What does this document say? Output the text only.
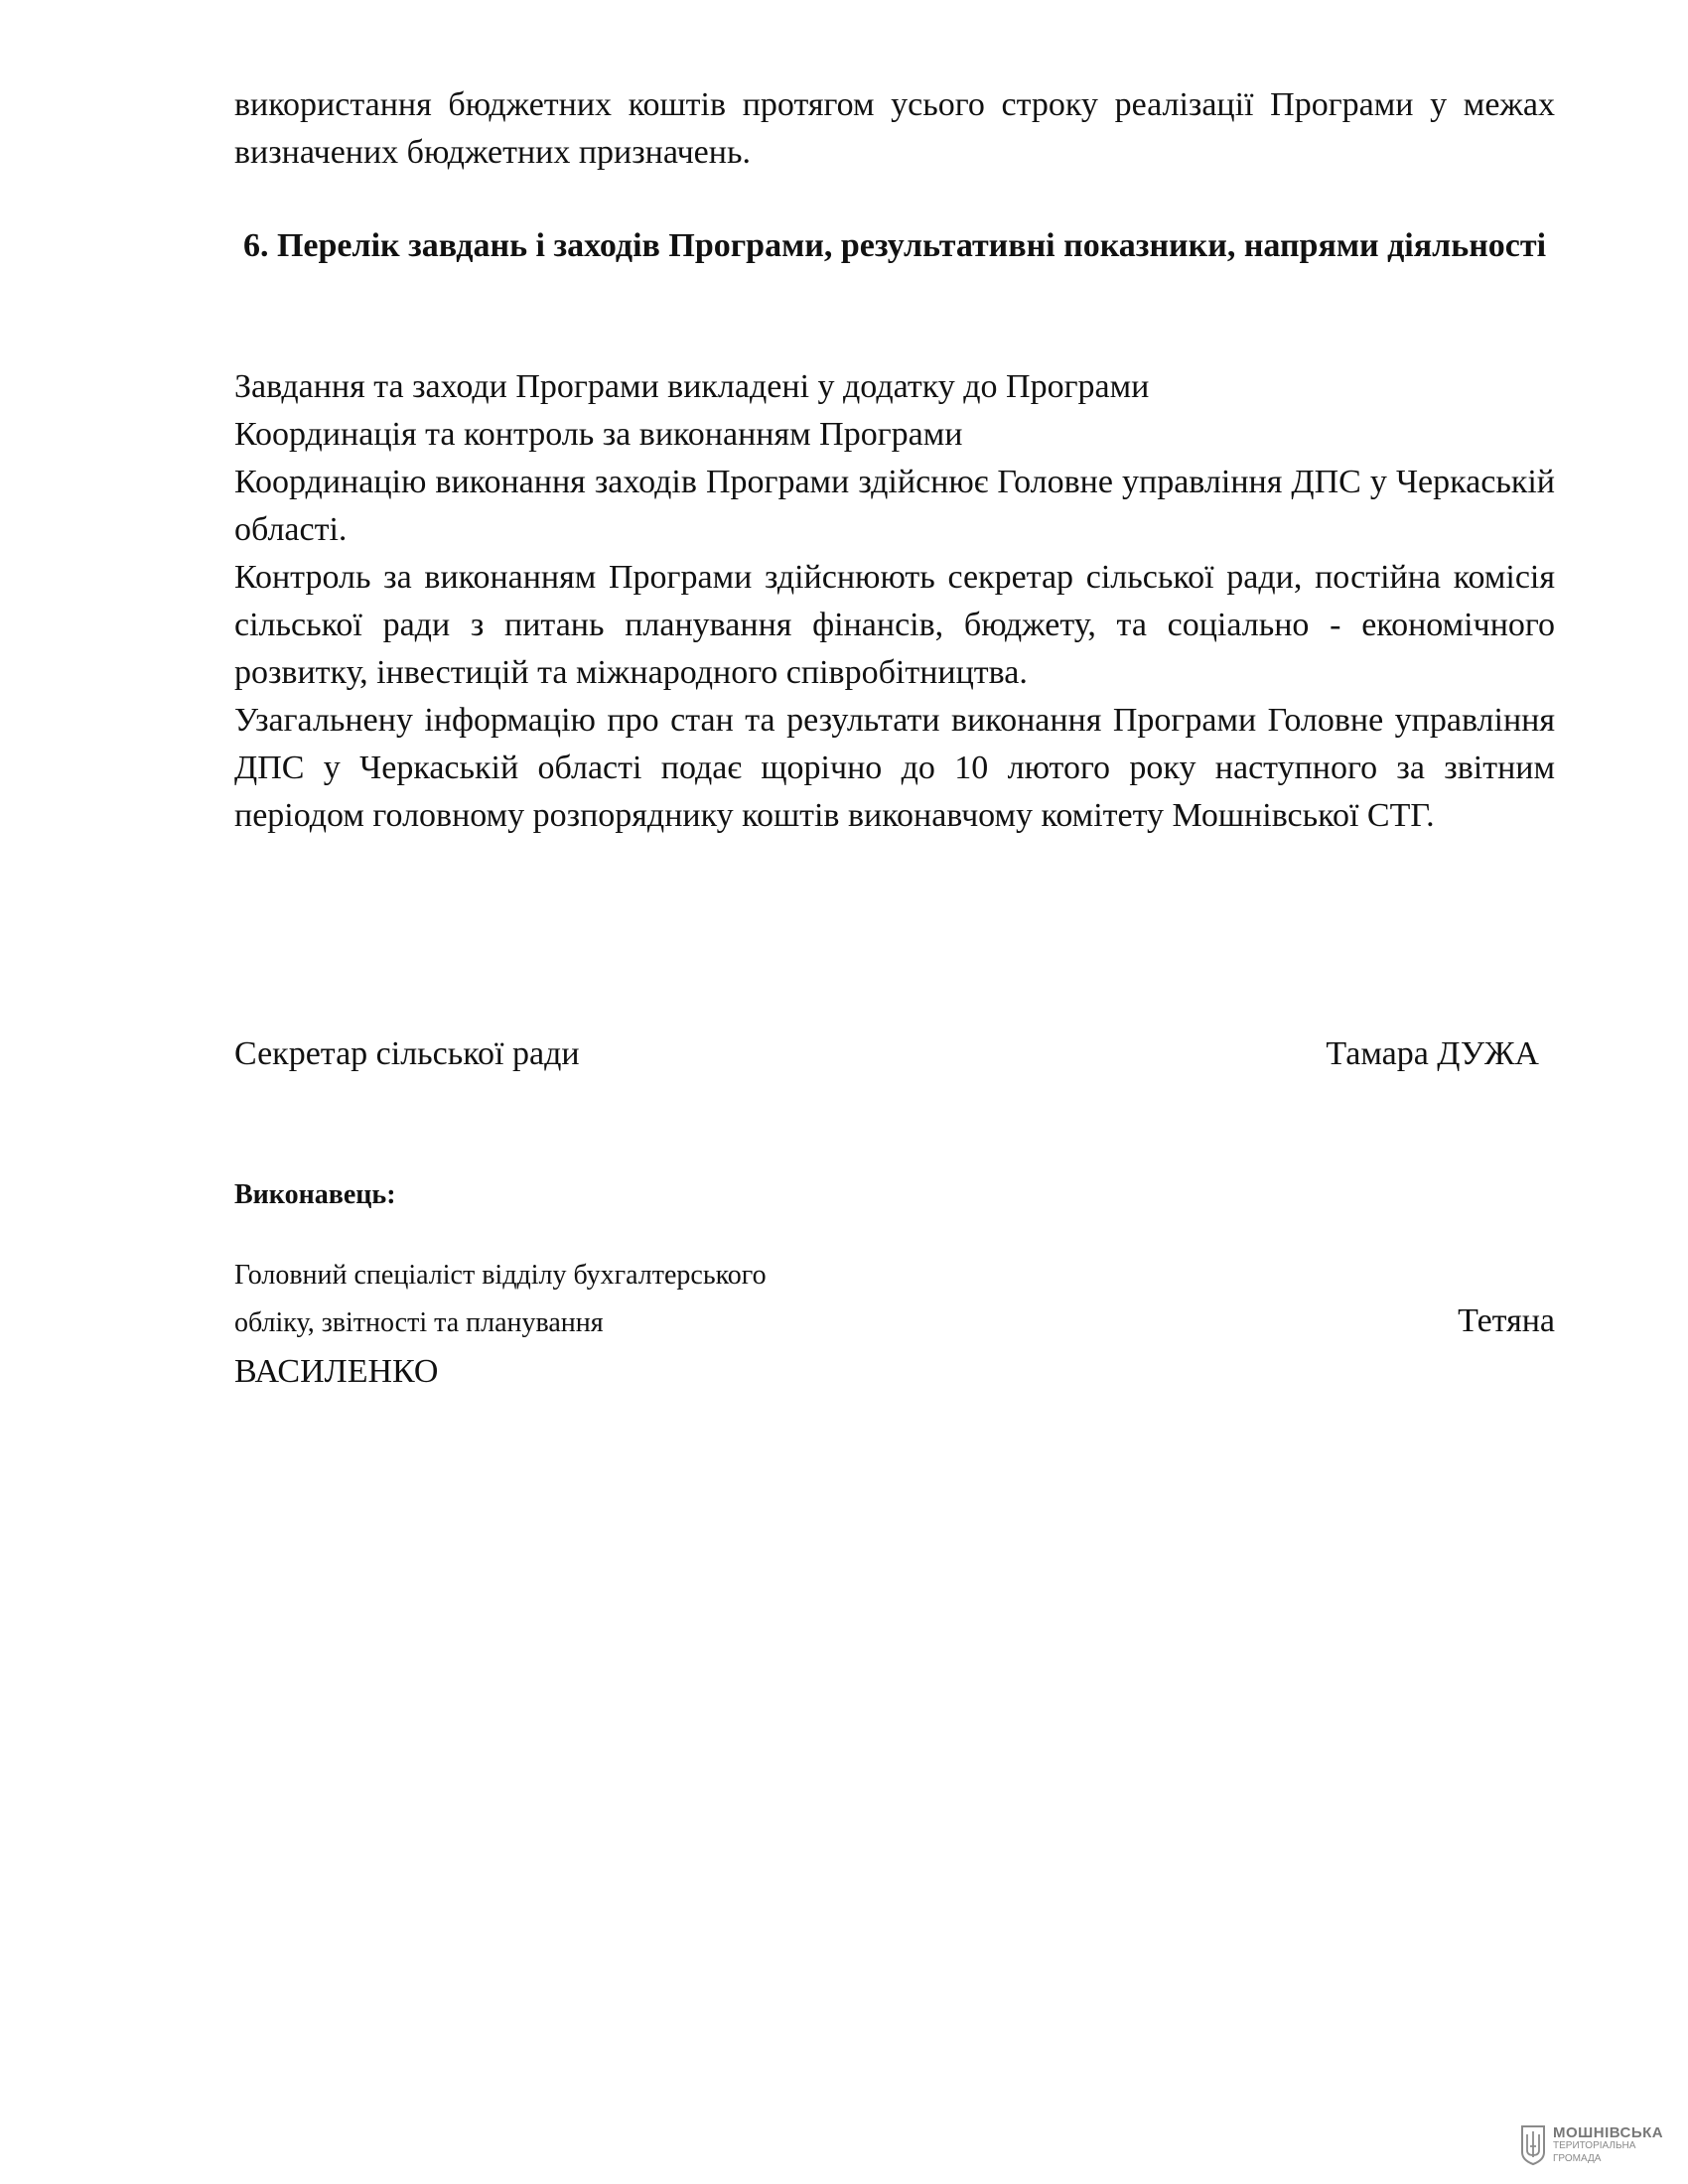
використання бюджетних коштів протягом усього строку реалізації Програми у межах визначених бюджетних призначень.
6. Перелік завдань і заходів Програми, результативні показники, напрями діяльності

Завдання та заходи Програми викладені у додатку до Програми

Координація та контроль за виконанням Програми

Координацію виконання заходів Програми здійснює Головне управління ДПС у Черкаській області.

Контроль за виконанням Програми здійснюють секретар сільської ради, постійна комісія сільської ради з питань планування фінансів, бюджету, та соціально - економічного розвитку, інвестицій та міжнародного співробітництва.

Узагальнену інформацію про стан та результати виконання Програми Головне управління ДПС у Черкаській області подає щорічно до 10 лютого року наступного за звітним періодом головному розпоряднику коштів виконавчому комітету Мошнівської СТГ.

Секретар сільської ради	Тамара ДУЖА
Виконавець:
Головний спеціаліст відділу бухгалтерського
обліку, звітності та планування	Тетяна
ВАСИЛЕНКО
МОШНІВСЬКА
ТЕРИТОРІАЛЬНА
ГРОМАДА
